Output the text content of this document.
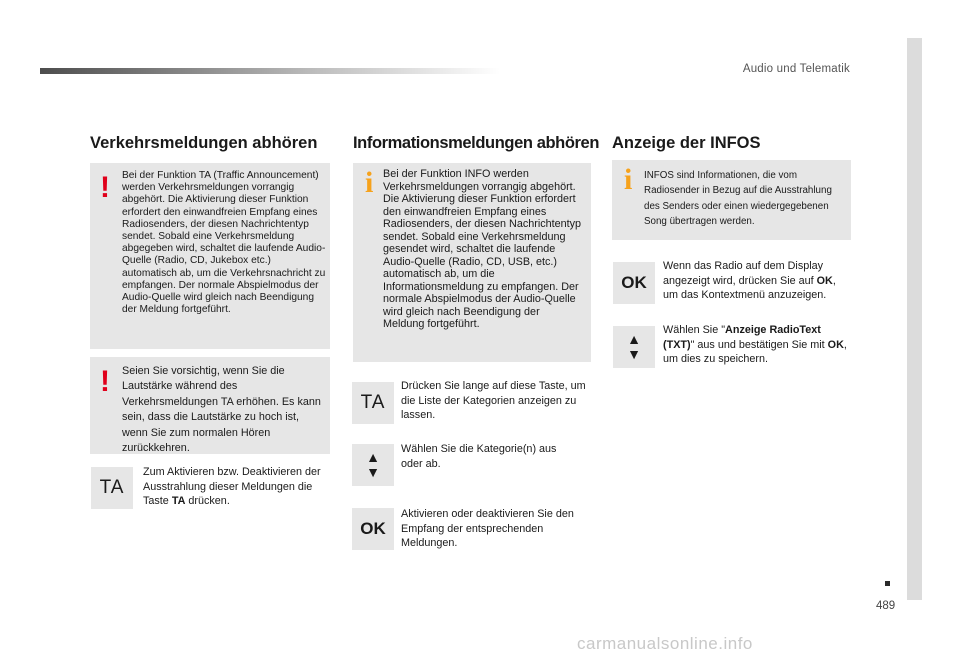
Audio und Telematik
489
Verkehrsmeldungen abhören
! Bei der Funktion TA (Traffic Announcement) werden Verkehrsmeldungen vorrangig abgehört. Die Aktivierung dieser Funktion erfordert den einwandfreien Empfang eines Radiosenders, der diesen Nachrichtentyp sendet. Sobald eine Verkehrsmeldung abgegeben wird, schaltet die laufende Audio-Quelle (Radio, CD, Jukebox etc.) automatisch ab, um die Verkehrsnachricht zu empfangen. Der normale Abspielmodus der Audio-Quelle wird gleich nach Beendigung der Meldung fortgeführt.
! Seien Sie vorsichtig, wenn Sie die Lautstärke während des Verkehrsmeldungen TA erhöhen. Es kann sein, dass die Lautstärke zu hoch ist, wenn Sie zum normalen Hören zurückkehren.
TA
Zum Aktivieren bzw. Deaktivieren der Ausstrahlung dieser Meldungen die Taste TA drücken.
Informationsmeldungen abhören
i Bei der Funktion INFO werden Verkehrsmeldungen vorrangig abgehört. Die Aktivierung dieser Funktion erfordert den einwandfreien Empfang eines Radiosenders, der diesen Nachrichtentyp sendet. Sobald eine Verkehrsmeldung gesendet wird, schaltet die laufende Audio-Quelle (Radio, CD, USB, etc.) automatisch ab, um die Informationsmeldung zu empfangen. Der normale Abspielmodus der Audio-Quelle wird gleich nach Beendigung der Meldung fortgeführt.
TA
Drücken Sie lange auf diese Taste, um die Liste der Kategorien anzeigen zu lassen.
▲
▼
Wählen Sie die Kategorie(n) aus oder ab.
OK
Aktivieren oder deaktivieren Sie den Empfang der entsprechenden Meldungen.
Anzeige der INFOS
i INFOS sind Informationen, die vom Radiosender in Bezug auf die Ausstrahlung des Senders oder einen wiedergegebenen Song übertragen werden.
OK
Wenn das Radio auf dem Display angezeigt wird, drücken Sie auf OK, um das Kontextmenü anzuzeigen.
▲
▼
Wählen Sie "Anzeige RadioText (TXT)" aus und bestätigen Sie mit OK, um dies zu speichern.
carmanualsonline.info
